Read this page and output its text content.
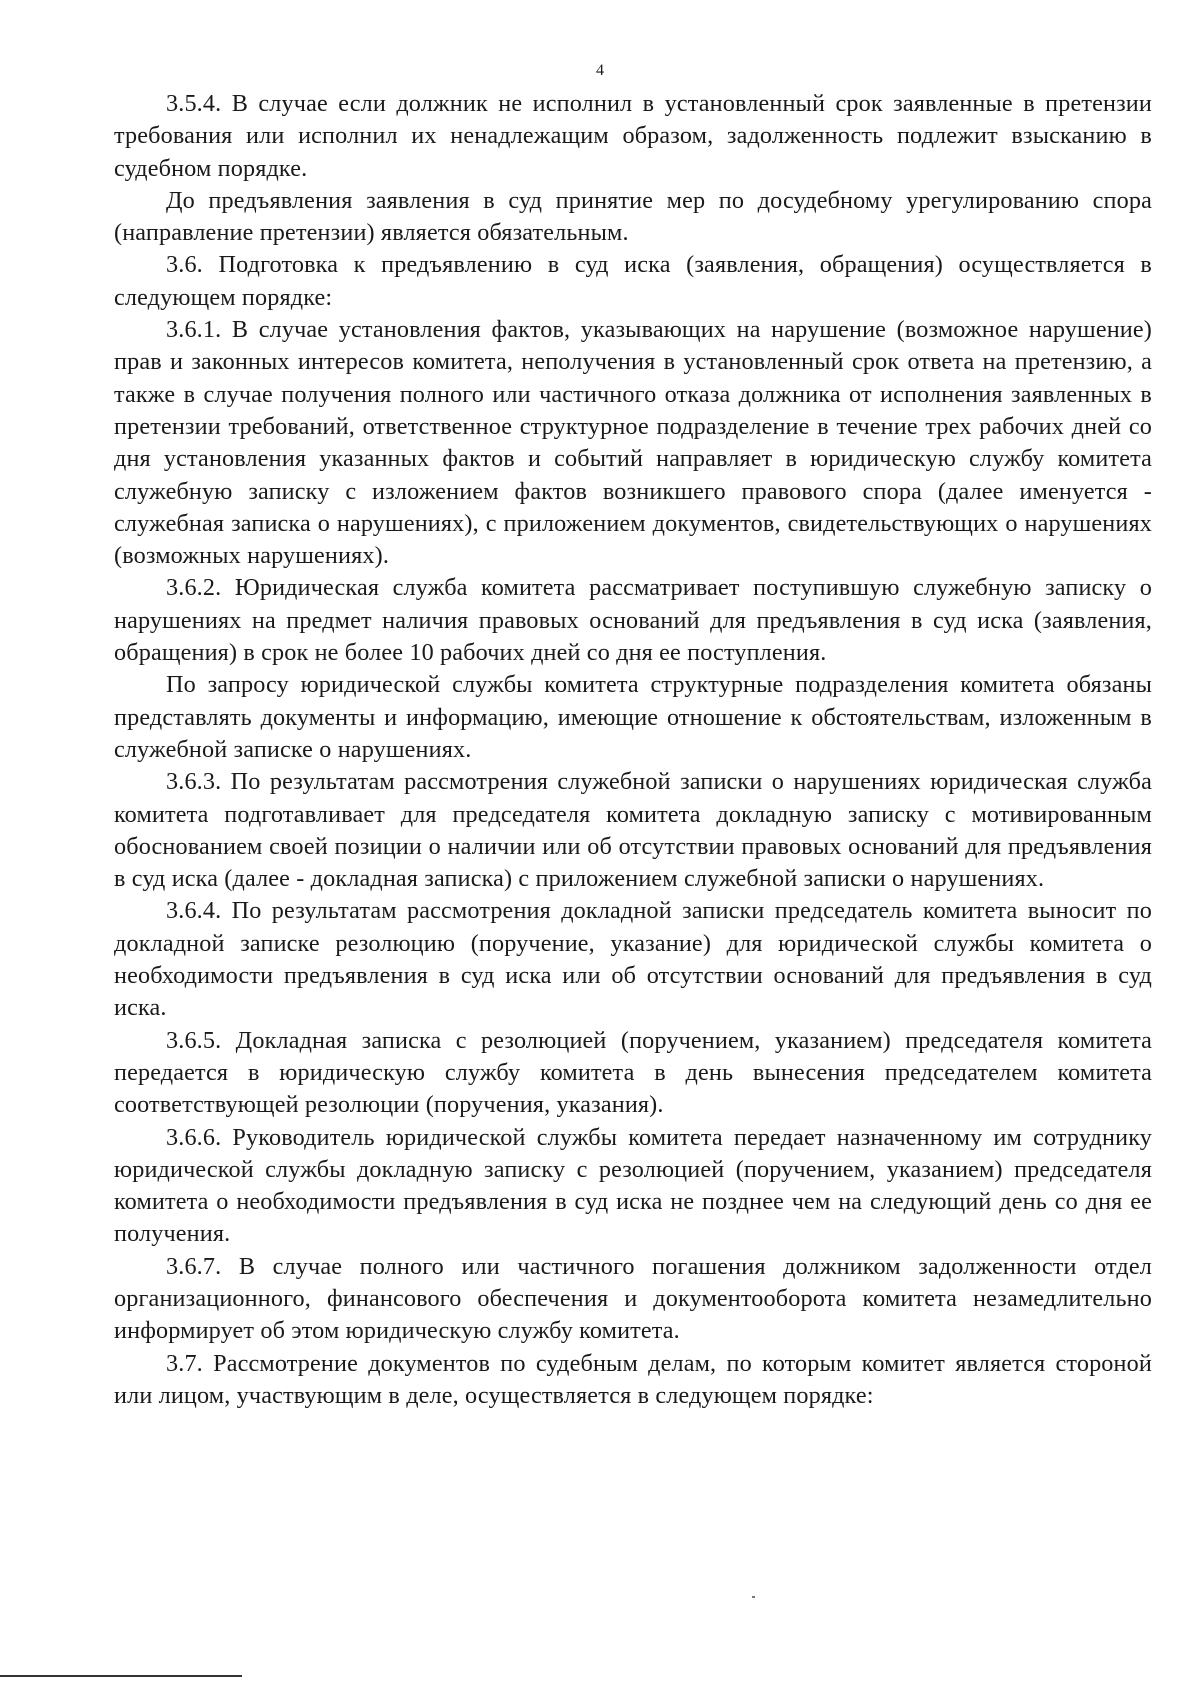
4

3.5.4. В случае если должник не исполнил в установленный срок заявленные в претензии требования или исполнил их ненадлежащим образом, задолженность подлежит взысканию в судебном порядке.

До предъявления заявления в суд принятие мер по досудебному урегулированию спора (направление претензии) является обязательным.

3.6. Подготовка к предъявлению в суд иска (заявления, обращения) осуществляется в следующем порядке:

3.6.1. В случае установления фактов, указывающих на нарушение (возможное нарушение) прав и законных интересов комитета, неполучения в установленный срок ответа на претензию, а также в случае получения полного или частичного отказа должника от исполнения заявленных в претензии требований, ответственное структурное подразделение в течение трех рабочих дней со дня установления указанных фактов и событий направляет в юридическую службу комитета служебную записку с изложением фактов возникшего правового спора (далее именуется - служебная записка о нарушениях), с приложением документов, свидетельствующих о нарушениях (возможных нарушениях).

3.6.2. Юридическая служба комитета рассматривает поступившую служебную записку о нарушениях на предмет наличия правовых оснований для предъявления в суд иска (заявления, обращения) в срок не более 10 рабочих дней со дня ее поступления.

По запросу юридической службы комитета структурные подразделения комитета обязаны представлять документы и информацию, имеющие отношение к обстоятельствам, изложенным в служебной записке о нарушениях.

3.6.3. По результатам рассмотрения служебной записки о нарушениях юридическая служба комитета подготавливает для председателя комитета докладную записку с мотивированным обоснованием своей позиции о наличии или об отсутствии правовых оснований для предъявления в суд иска (далее - докладная записка) с приложением служебной записки о нарушениях.

3.6.4. По результатам рассмотрения докладной записки председатель комитета выносит по докладной записке резолюцию (поручение, указание) для юридической службы комитета о необходимости предъявления в суд иска или об отсутствии оснований для предъявления в суд иска.

3.6.5. Докладная записка с резолюцией (поручением, указанием) председателя комитета передается в юридическую службу комитета в день вынесения председателем комитета соответствующей резолюции (поручения, указания).

3.6.6. Руководитель юридической службы комитета передает назначенному им сотруднику юридической службы докладную записку с резолюцией (поручением, указанием) председателя комитета о необходимости предъявления в суд иска не позднее чем на следующий день со дня ее получения.

3.6.7. В случае полного или частичного погашения должником задолженности отдел организационного, финансового обеспечения и документооборота комитета незамедлительно информирует об этом юридическую службу комитета.

3.7. Рассмотрение документов по судебным делам, по которым комитет является стороной или лицом, участвующим в деле, осуществляется в следующем порядке:
